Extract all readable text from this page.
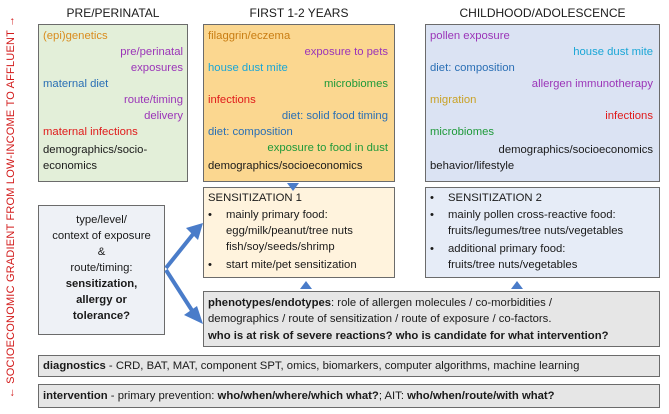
← SOCIOECONOMIC GRADIENT FROM LOW-INCOME TO AFFLUENT →
PRE/PERINATAL	FIRST 1-2 YEARS	CHILDHOOD/ADOLESCENCE
(epi)genetics
pre/perinatal
exposures
maternal diet
route/timing
delivery
maternal infections
demographics/socio-
economics
filaggrin/eczema
exposure to pets
house dust mite
microbiomes
infections
diet: solid food timing
diet: composition
exposure to food in dust
demographics/socioeconomics
pollen exposure
house dust mite
diet: composition
allergen immunotherapy
migration
infections
microbiomes
demographics/socioeconomics
behavior/lifestyle
type/level/
context of exposure
&
route/timing:
sensitization,
allergy or
tolerance?
SENSITIZATION 1
• mainly primary food:
egg/milk/peanut/tree nuts
fish/soy/seeds/shrimp
• start mite/pet sensitization
• SENSITIZATION 2
• mainly pollen cross-reactive food:
fruits/legumes/tree nuts/vegetables
• additional primary food:
fruits/tree nuts/vegetables
phenotypes/endotypes: role of allergen molecules / co-morbidities /
demographics / route of sensitization / route of exposure / co-factors.
who is at risk of severe reactions? who is candidate for what intervention?
diagnostics - CRD, BAT, MAT, component SPT, omics, biomarkers, computer algorithms, machine learning
intervention - primary prevention: who/when/where/which what?; AIT: who/when/route/with what?
